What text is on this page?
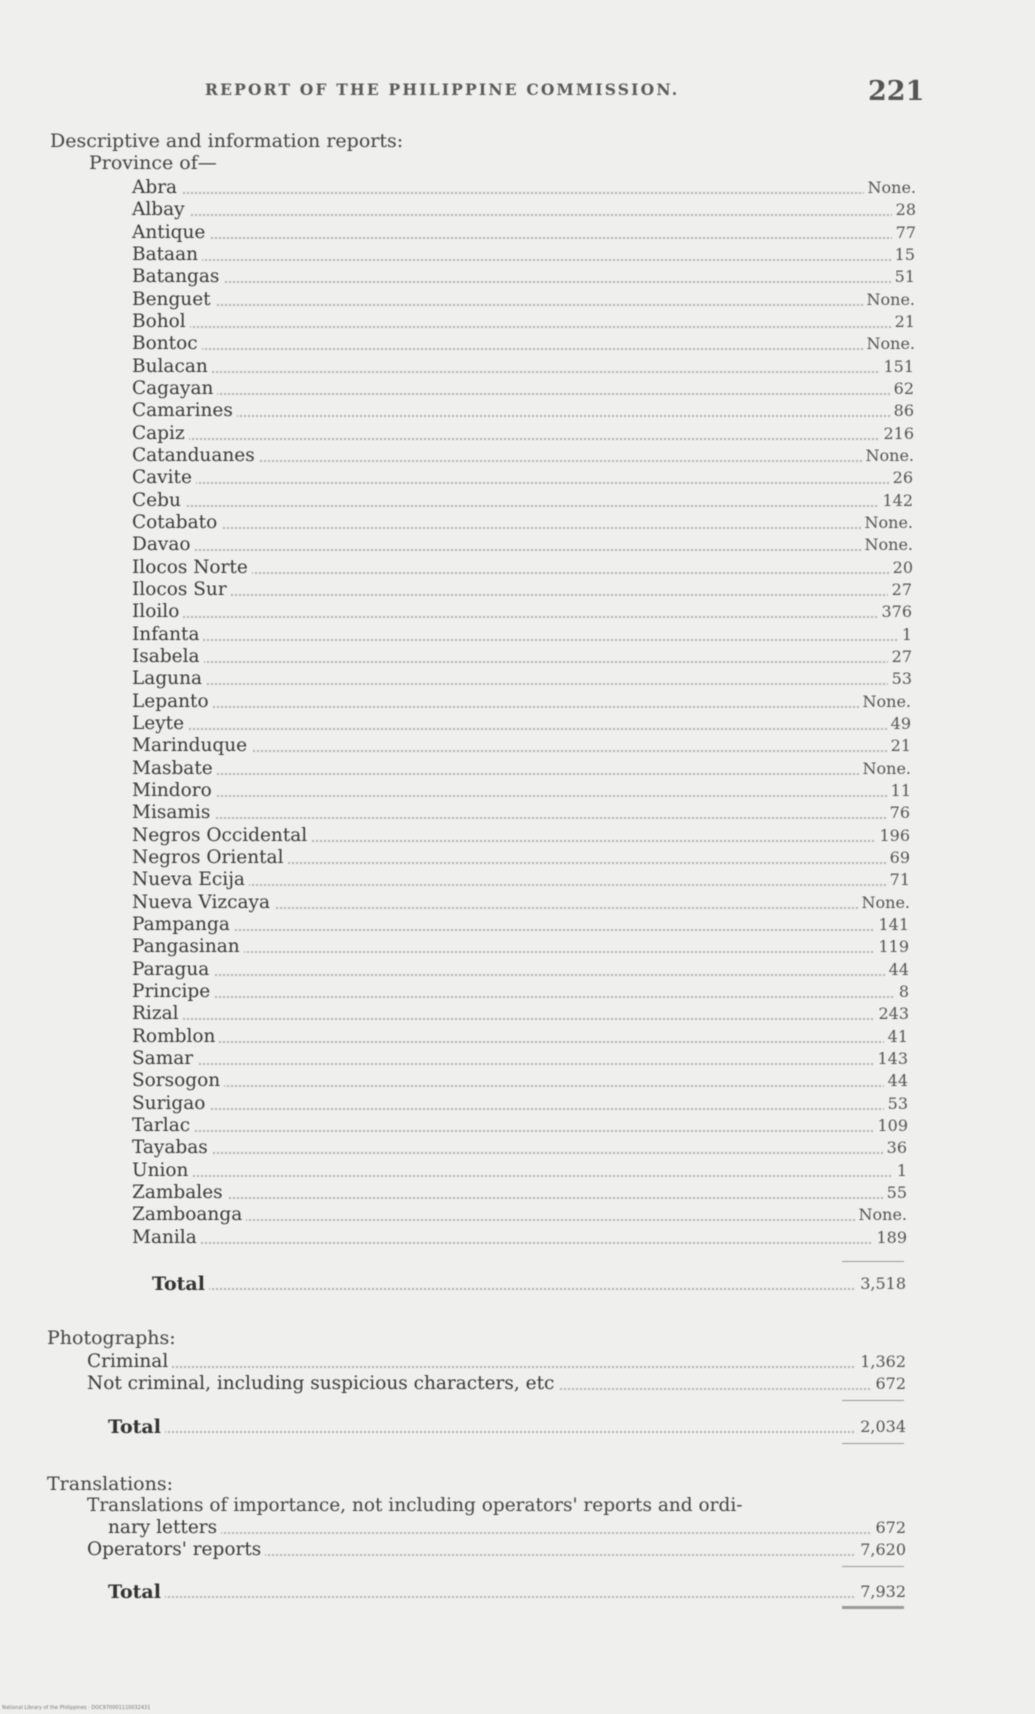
REPORT OF THE PHILIPPINE COMMISSION.	221
Descriptive and information reports:
Province of—
Abra	None.
Albay	28
Antique	77
Bataan	15
Batangas	51
Benguet	None.
Bohol	21
Bontoc	None.
Bulacan	151
Cagayan	62
Camarines	86
Capiz	216
Catanduanes	None.
Cavite	26
Cebu	142
Cotabato	None.
Davao	None.
Ilocos Norte	20
Ilocos Sur	27
Iloilo	376
Infanta	1
Isabela	27
Laguna	53
Lepanto	None.
Leyte	49
Marinduque	21
Masbate	None.
Mindoro	11
Misamis	76
Negros Occidental	196
Negros Oriental	69
Nueva Ecija	71
Nueva Vizcaya	None.
Pampanga	141
Pangasinan	119
Paragua	44
Principe	8
Rizal	243
Romblon	41
Samar	143
Sorsogon	44
Surigao	53
Tarlac	109
Tayabas	36
Union	1
Zambales	55
Zamboanga	None.
Manila	189
Total	3,518
Photographs:
Criminal	1,362
Not criminal, including suspicious characters, etc	672
Total	2,034
Translations:
Translations of importance, not including operators' reports and ordi-
nary letters	672
Operators' reports	7,620
Total	7,932
National Library of the Philippines · DOC970001110032431
